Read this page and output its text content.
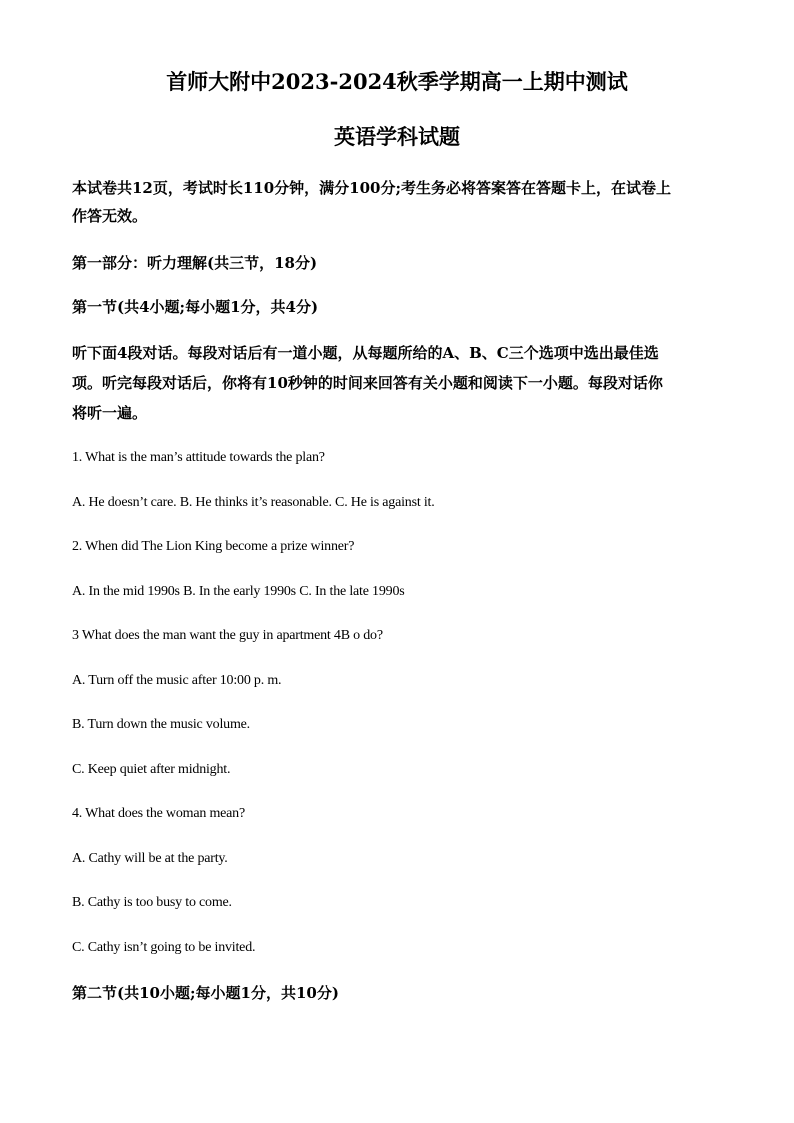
首师大附中2023-2024秋季学期高一上期中测试
英语学科试题
本试卷共12页，考试时长110分钟，满分100分;考生务必将答案答在答题卡上，在试卷上
作答无效。
第一部分：听力理解(共三节，18分)
第一节(共4小题;每小题1分，共4分)
听下面4段对话。每段对话后有一道小题，从每题所给的A、B、C三个选项中选出最佳选
项。听完每段对话后，你将有10秒钟的时间来回答有关小题和阅读下一小题。每段对话你
将听一遍。
1. What is the man’s attitude towards the plan?
A. He doesn’t care. B. He thinks it’s reasonable. C. He is against it.
2. When did The Lion King become a prize winner?
A. In the mid 1990s B. In the early 1990s C. In the late 1990s
3 What does the man want the guy in apartment 4B o do?
A. Turn off the music after 10:00 p. m.
B. Turn down the music volume.
C. Keep quiet after midnight.
4. What does the woman mean?
A. Cathy will be at the party.
B. Cathy is too busy to come.
C. Cathy isn’t going to be invited.
第二节(共10小题;每小题1分，共10分)
